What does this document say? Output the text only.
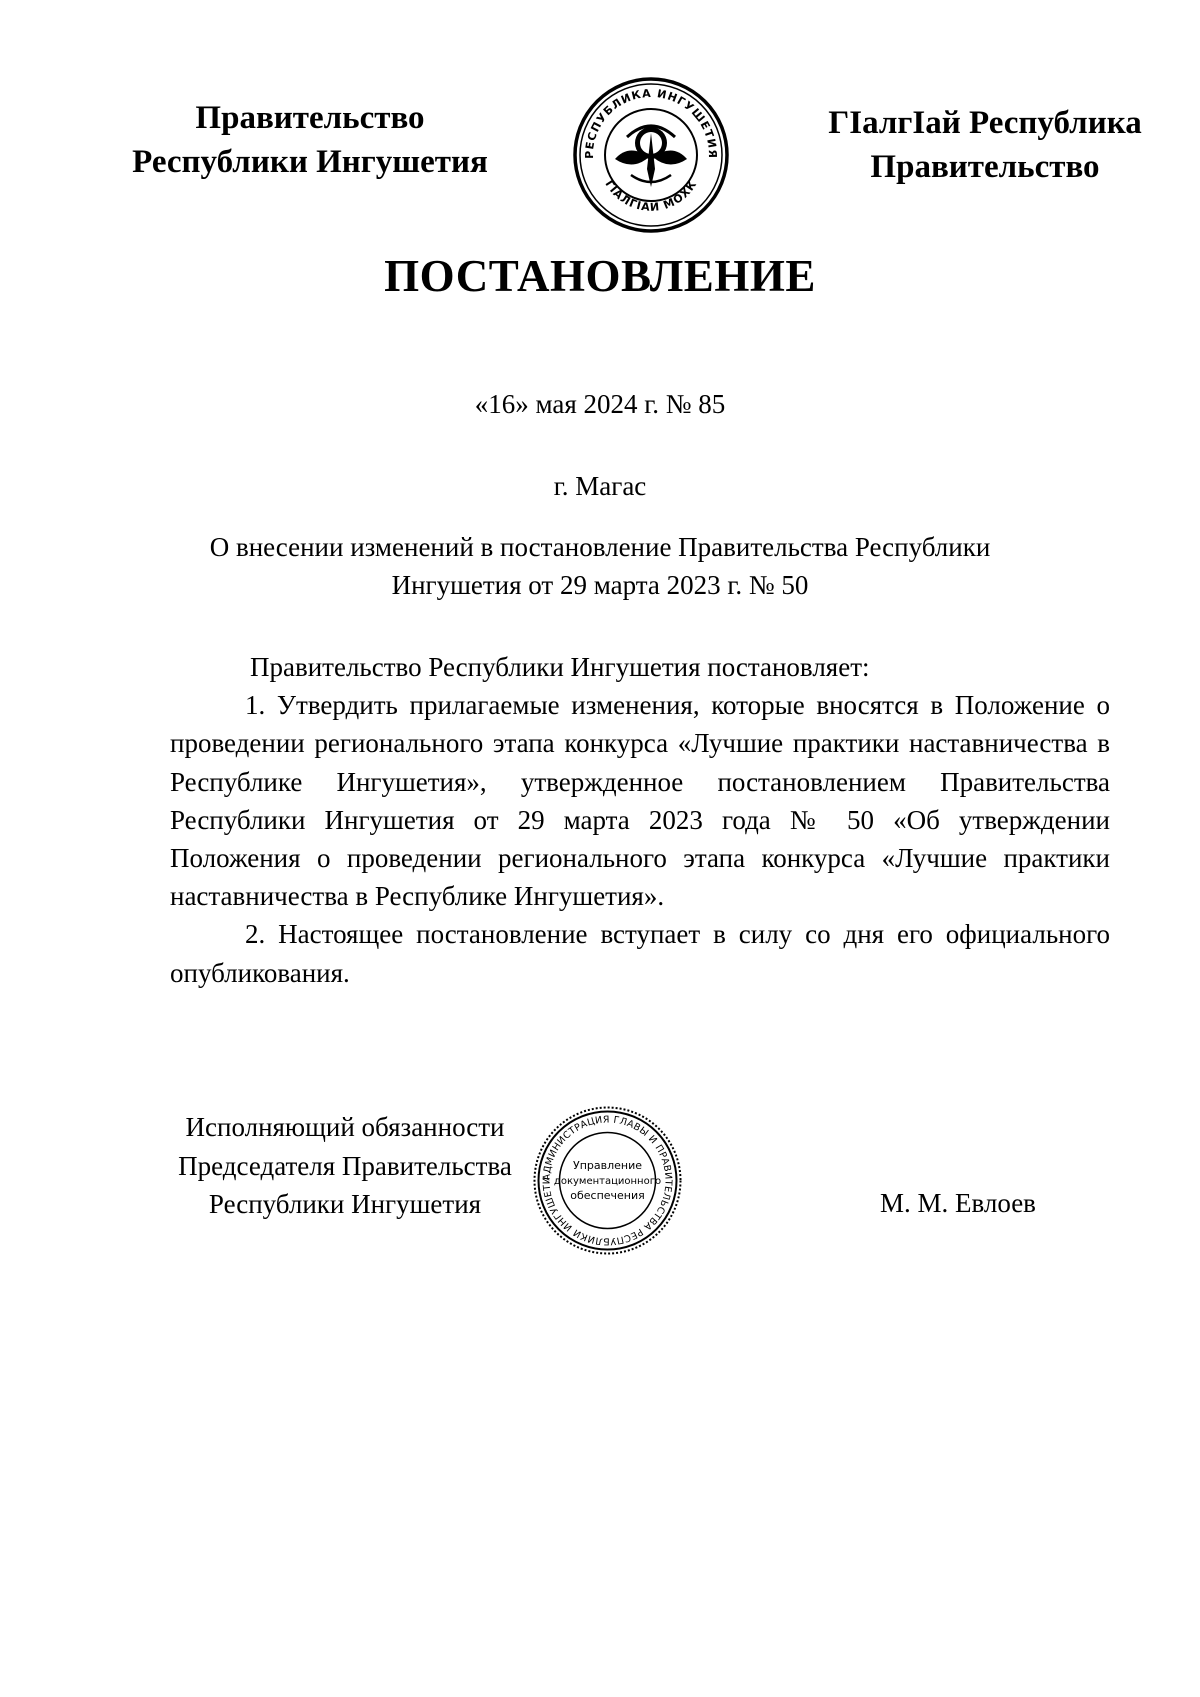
Правительство
Республики Ингушетия	РЕСПУБЛИКА ИНГУШЕТИЯ
ГIАЛГIАЙ МОХК
ГIалгIай Республика
Правительство
ПОСТАНОВЛЕНИЕ
«16» мая 2024 г. № 85
г. Магас
О внесении изменений в постановление Правительства Республики
Ингушетия от 29 марта 2023 г. № 50

Правительство Республики Ингушетия постановляет:

1. Утвердить прилагаемые изменения, которые вносятся в Положение о проведении регионального этапа конкурса «Лучшие практики наставничества в Республике Ингушетия», утвержденное постановлением Правительства Республики Ингушетия от 29 марта 2023 года № 50 «Об утверждении Положения о проведении регионального этапа конкурса «Лучшие практики наставничества в Республике Ингушетия».

2. Настоящее постановление вступает в силу со дня его официального опубликования.

Исполняющий обязанности
Председателя Правительства
Республики Ингушетия
АДМИНИСТРАЦИЯ ГЛАВЫ И ПРАВИТЕЛЬСТВА РЕСПУБЛИКИ ИНГУШЕТИ
Управление
документационного
обеспечения	М. М. Евлоев
